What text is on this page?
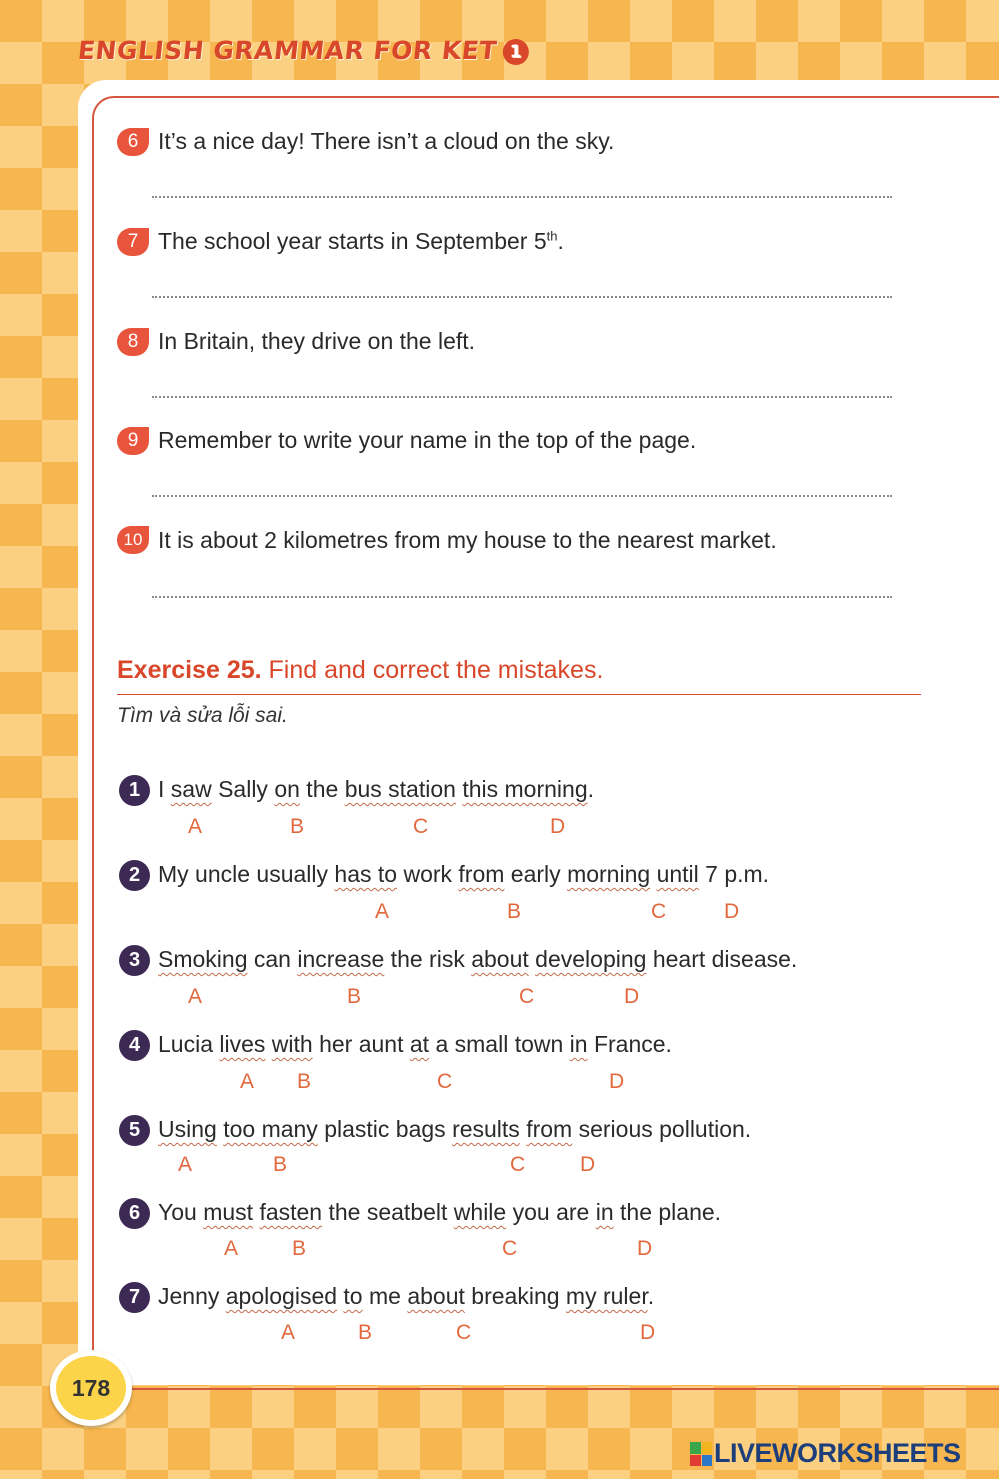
ENGLISH GRAMMAR FOR KET 1
6 It’s a nice day! There isn’t a cloud on the sky.

7 The school year starts in September 5th.

8 In Britain, they drive on the left.

9 Remember to write your name in the top of the page.

10 It is about 2 kilometres from my house to the nearest market.

Exercise 25. Find and correct the mistakes.

Tìm và sửa lỗi sai.

1 I saw Sally on the bus station this morning.

A	B	C	D
2 My uncle usually has to work from early morning until 7 p.m.

A	B	C	D
3 Smoking can increase the risk about developing heart disease.

A	B	C	D
4 Lucia lives with her aunt at a small town in France.

A B	C	D
5 Using too many plastic bags results from serious pollution.

A	B	C	D
6 You must fasten the seatbelt while you are in the plane.

A	B	C	D
7 Jenny apologised to me about breaking my ruler.

A	B	C	D
178

LIVEWORKSHEETS
